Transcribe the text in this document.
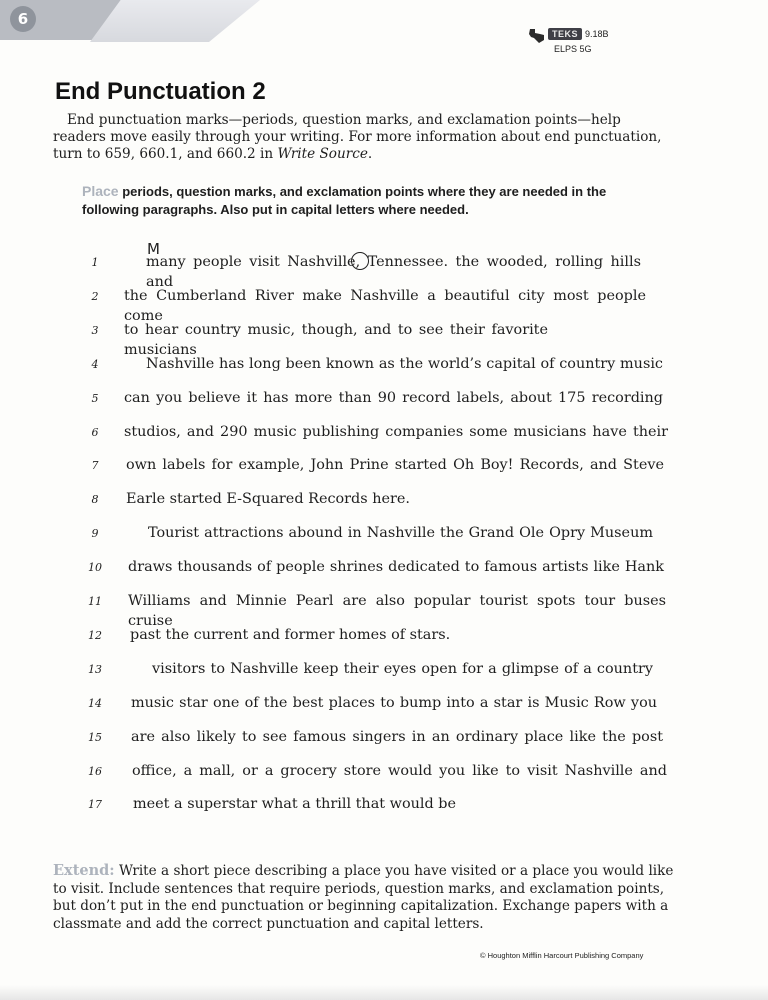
6
TEKS 9.18B
ELPS 5G
End Punctuation 2
End punctuation marks—periods, question marks, and exclamation points—help readers move easily through your writing. For more information about end punctuation, turn to 659, 660.1, and 660.2 in Write Source.
Place periods, question marks, and exclamation points where they are needed in the following paragraphs. Also put in capital letters where needed.
M
1	many people visit Nashville, Tennessee. the wooded, rolling hills and
2	the Cumberland River make Nashville a beautiful city most people come
3	to hear country music, though, and to see their favorite musicians
4	Nashville has long been known as the world’s capital of country music
5	can you believe it has more than 90 record labels, about 175 recording
6	studios, and 290 music publishing companies some musicians have their
7	own labels for example, John Prine started Oh Boy! Records, and Steve
8	Earle started E-Squared Records here.
9	Tourist attractions abound in Nashville the Grand Ole Opry Museum
10 draws thousands of people shrines dedicated to famous artists like Hank
11 Williams and Minnie Pearl are also popular tourist spots tour buses cruise
12 past the current and former homes of stars.
13	visitors to Nashville keep their eyes open for a glimpse of a country
14 music star one of the best places to bump into a star is Music Row you
15 are also likely to see famous singers in an ordinary place like the post
16 office, a mall, or a grocery store would you like to visit Nashville and
17 meet a superstar what a thrill that would be
Extend: Write a short piece describing a place you have visited or a place you would like to visit. Include sentences that require periods, question marks, and exclamation points, but don’t put in the end punctuation or beginning capitalization. Exchange papers with a classmate and add the correct punctuation and capital letters.
© Houghton Mifflin Harcourt Publishing Company
